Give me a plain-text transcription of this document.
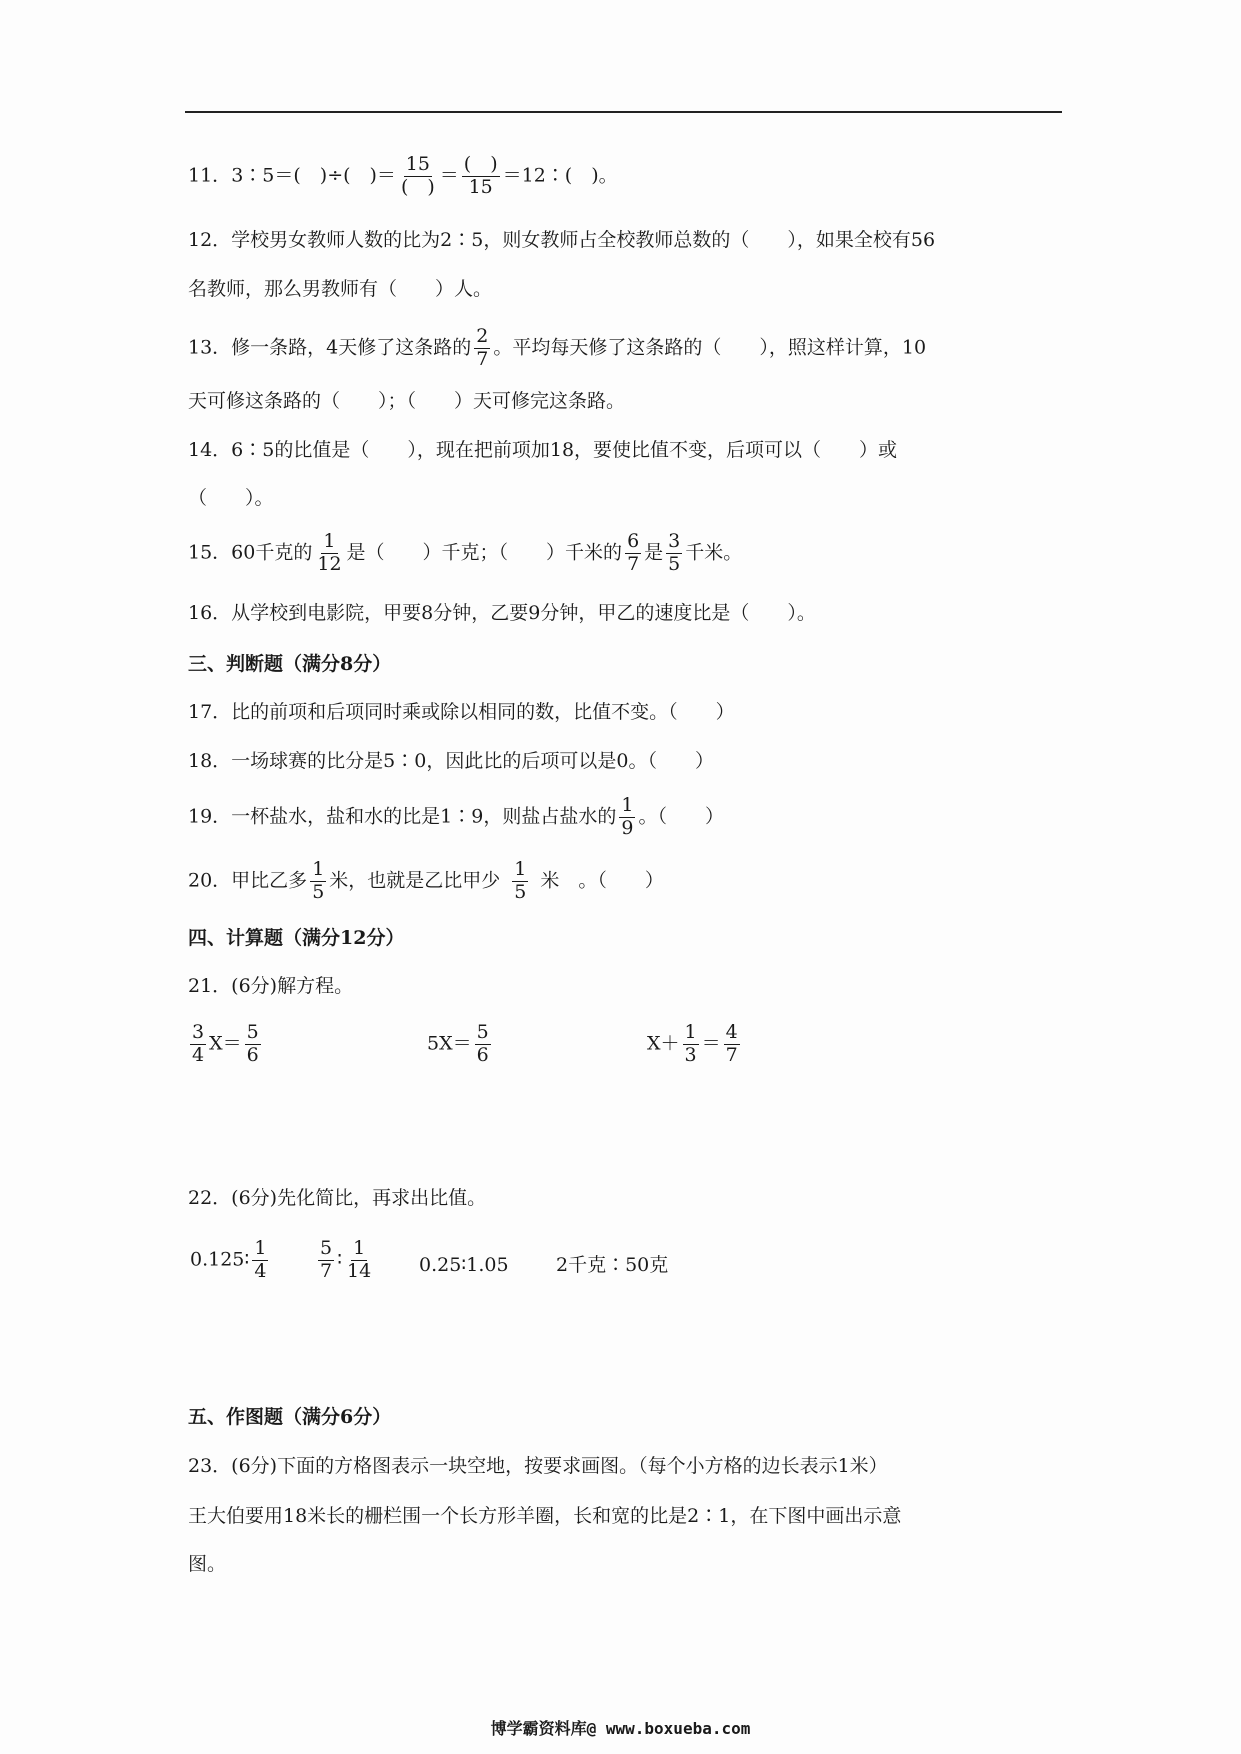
11．3∶5＝(　)÷(　)＝ $\frac{15}{( )} = \frac{( )}{15}$ ＝12∶(　)。
12．学校男女教师人数的比为2∶5，则女教师占全校教师总数的（　　），如果全校有56
名教师，那么男教师有（　　）人。
13．修一条路，4天修了这条路的 $\frac{2}{7}$ 。平均每天修了这条路的（　　），照这样计算，10
天可修这条路的（　　）；（　　）天可修完这条路。
14．6∶5的比值是（　　），现在把前项加18，要使比值不变，后项可以（　　）或
（　　）。
15．60千克的 $\frac{1}{12}$ 是（　　）千克；（　　）千米的 $\frac{6}{7}$ 是 $\frac{3}{5}$ 千米。
16．从学校到电影院，甲要8分钟，乙要9分钟，甲乙的速度比是（　　）。
三、判断题（满分8分）
17．比的前项和后项同时乘或除以相同的数，比值不变。（　　）
18．一场球赛的比分是5∶0，因此比的后项可以是0。（　　）
19．一杯盐水，盐和水的比是1∶9，则盐占盐水的 $\frac{1}{9}$ 。（　　）
20．甲比乙多 $\frac{1}{5}$ 米，也就是乙比甲少 $\frac{1}{5}$ 米　。（　　）
四、计算题（满分12分）
21．(6分)解方程。
$\frac{3}{4} X= \frac{5}{6}$	$5X= \frac{5}{6}$	$X+ \frac{1}{3} = \frac{4}{7}$
22．(6分)先化简比，再求出比值。
0.125∶ $\frac{1}{4}$	$\frac{5}{7}$ ∶ $\frac{1}{14}$ 0.25∶1.05 2千克∶50克
五、作图题（满分6分）
23．(6分)下面的方格图表示一块空地，按要求画图。（每个小方格的边长表示1米）
王大伯要用18米长的栅栏围一个长方形羊圈，长和宽的比是2∶1，在下图中画出示意
图。
博学霸资料库@ www.boxueba.com
